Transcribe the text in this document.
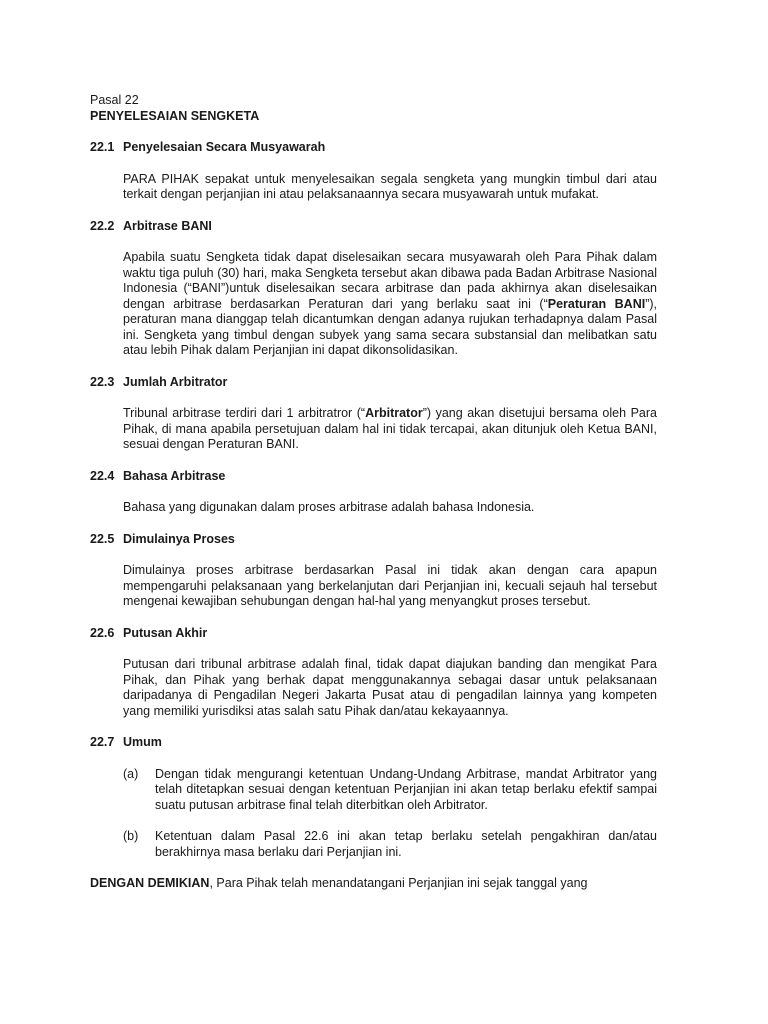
Pasal 22
PENYELESAIAN SENGKETA
22.1 Penyelesaian Secara Musyawarah
PARA PIHAK sepakat untuk menyelesaikan segala sengketa yang mungkin timbul dari atau terkait dengan perjanjian ini atau pelaksanaannya secara musyawarah untuk mufakat.
22.2 Arbitrase BANI
Apabila suatu Sengketa tidak dapat diselesaikan secara musyawarah oleh Para Pihak dalam waktu tiga puluh (30) hari, maka Sengketa tersebut akan dibawa pada Badan Arbitrase Nasional Indonesia (“BANI”)untuk diselesaikan secara arbitrase dan pada akhirnya akan diselesaikan dengan arbitrase berdasarkan Peraturan dari yang berlaku saat ini (“Peraturan BANI”), peraturan mana dianggap telah dicantumkan dengan adanya rujukan terhadapnya dalam Pasal ini. Sengketa yang timbul dengan subyek yang sama secara substansial dan melibatkan satu atau lebih Pihak dalam Perjanjian ini dapat dikonsolidasikan.
22.3 Jumlah Arbitrator
Tribunal arbitrase terdiri dari 1 arbitratror (“Arbitrator”) yang akan disetujui bersama oleh Para Pihak, di mana apabila persetujuan dalam hal ini tidak tercapai, akan ditunjuk oleh Ketua BANI, sesuai dengan Peraturan BANI.
22.4 Bahasa Arbitrase
Bahasa yang digunakan dalam proses arbitrase adalah bahasa Indonesia.
22.5 Dimulainya Proses
Dimulainya proses arbitrase berdasarkan Pasal ini tidak akan dengan cara apapun mempengaruhi pelaksanaan yang berkelanjutan dari Perjanjian ini, kecuali sejauh hal tersebut mengenai kewajiban sehubungan dengan hal-hal yang menyangkut proses tersebut.
22.6 Putusan Akhir
Putusan dari tribunal arbitrase adalah final, tidak dapat diajukan banding dan mengikat Para Pihak, dan Pihak yang berhak dapat menggunakannya sebagai dasar untuk pelaksanaan daripadanya di Pengadilan Negeri Jakarta Pusat atau di pengadilan lainnya yang kompeten yang memiliki yurisdiksi atas salah satu Pihak dan/atau kekayaannya.
22.7 Umum
(a)	Dengan tidak mengurangi ketentuan Undang-Undang Arbitrase, mandat Arbitrator yang telah ditetapkan sesuai dengan ketentuan Perjanjian ini akan tetap berlaku efektif sampai suatu putusan arbitrase final telah diterbitkan oleh Arbitrator.
(b)	Ketentuan dalam Pasal 22.6 ini akan tetap berlaku setelah pengakhiran dan/atau berakhirnya masa berlaku dari Perjanjian ini.
DENGAN DEMIKIAN, Para Pihak telah menandatangani Perjanjian ini sejak tanggal yang
